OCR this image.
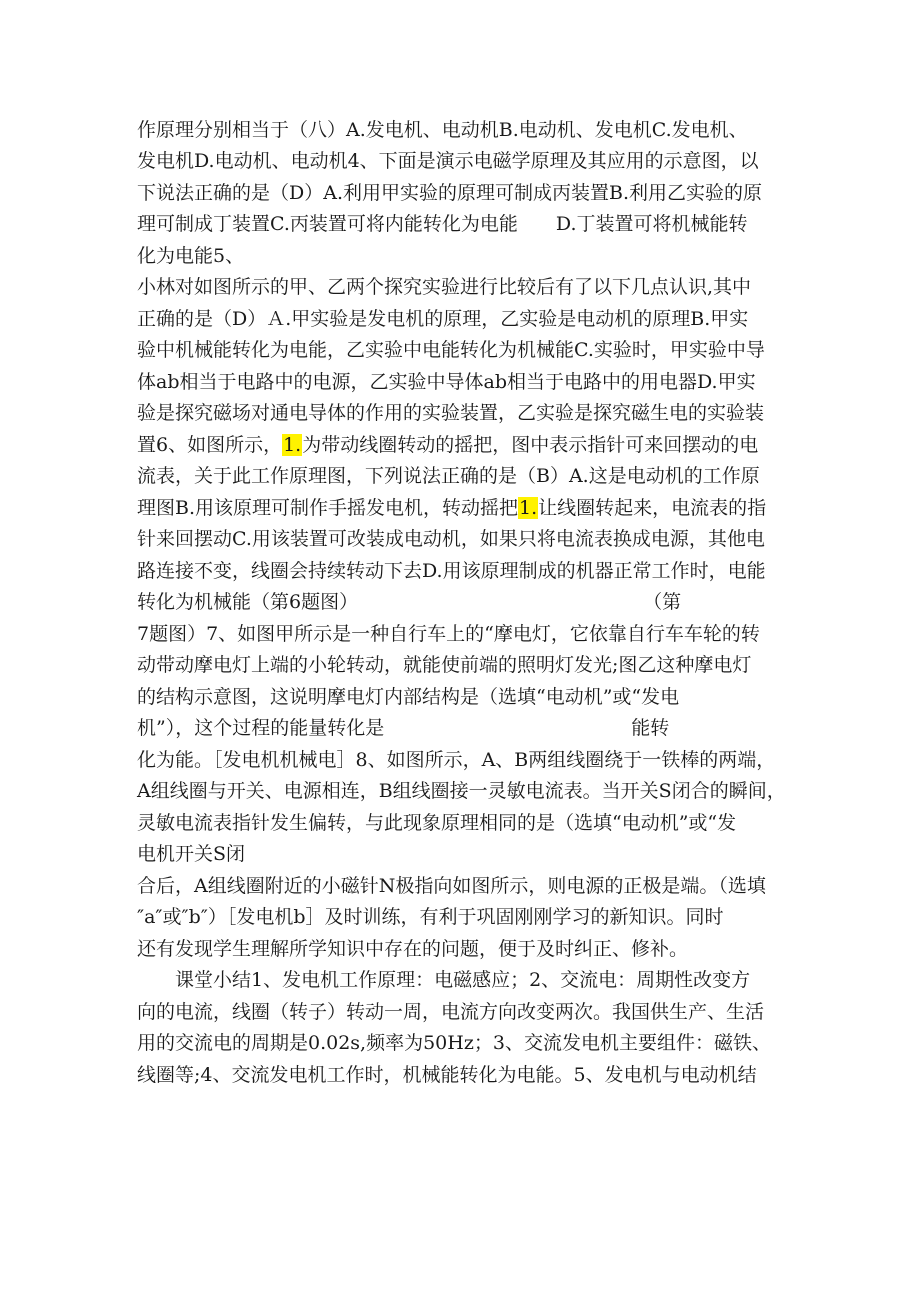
作原理分别相当于（八）A.发电机、电动机B.电动机、发电机C.发电机、
发电机D.电动机、电动机4、下面是演示电磁学原理及其应用的示意图，以
下说法正确的是（D）A.利用甲实验的原理可制成丙装置B.利用乙实验的原
理可制成丁装置C.丙装置可将内能转化为电能　　D.丁装置可将机械能转
化为电能5、
小林对如图所示的甲、乙两个探究实验进行比较后有了以下几点认识,其中
正确的是（D）Ａ.甲实验是发电机的原理，乙实验是电动机的原理B.甲实
验中机械能转化为电能，乙实验中电能转化为机械能C.实验时，甲实验中导
体ab相当于电路中的电源，乙实验中导体ab相当于电路中的用电器D.甲实
验是探究磁场对通电导体的作用的实验装置，乙实验是探究磁生电的实验装
置6、如图所示，1.为带动线圈转动的摇把，图中表示指针可来回摆动的电
流表，关于此工作原理图，下列说法正确的是（B）A.这是电动机的工作原
理图B.用该原理可制作手摇发电机，转动摇把1.让线圈转起来，电流表的指
针来回摆动C.用该装置可改装成电动机，如果只将电流表换成电源，其他电
路连接不变，线圈会持续转动下去D.用该原理制成的机器正常工作时，电能
转化为机械能（第6题图）　　　　　　　　　　　　　　　　（第
7题图）7、如图甲所示是一种自行车上的“摩电灯，它依靠自行车车轮的转
动带动摩电灯上端的小轮转动，就能使前端的照明灯发光;图乙这种摩电灯
的结构示意图，这说明摩电灯内部结构是（选填“电动机”或“发电
机”），这个过程的能量转化是　　　　　　　　　　　　　能转
化为能。［发电机机械电］8、如图所示，A、B两组线圈绕于一铁棒的两端，
A组线圈与开关、电源相连，B组线圈接一灵敏电流表。当开关S闭合的瞬间，
灵敏电流表指针发生偏转，与此现象原理相同的是（选填“电动机”或“发
电机开关S闭
合后，A组线圈附近的小磁针N极指向如图所示，则电源的正极是端。（选填
″a″或″b″）［发电机b］及时训练，有利于巩固刚刚学习的新知识。同时
还有发现学生理解所学知识中存在的问题，便于及时纠正、修补。
　　课堂小结1、发电机工作原理：电磁感应；2、交流电：周期性改变方
向的电流，线圈（转子）转动一周，电流方向改变两次。我国供生产、生活
用的交流电的周期是0.02s,频率为50Hz；3、交流发电机主要组件：磁铁、
线圈等;4、交流发电机工作时，机械能转化为电能。5、发电机与电动机结
